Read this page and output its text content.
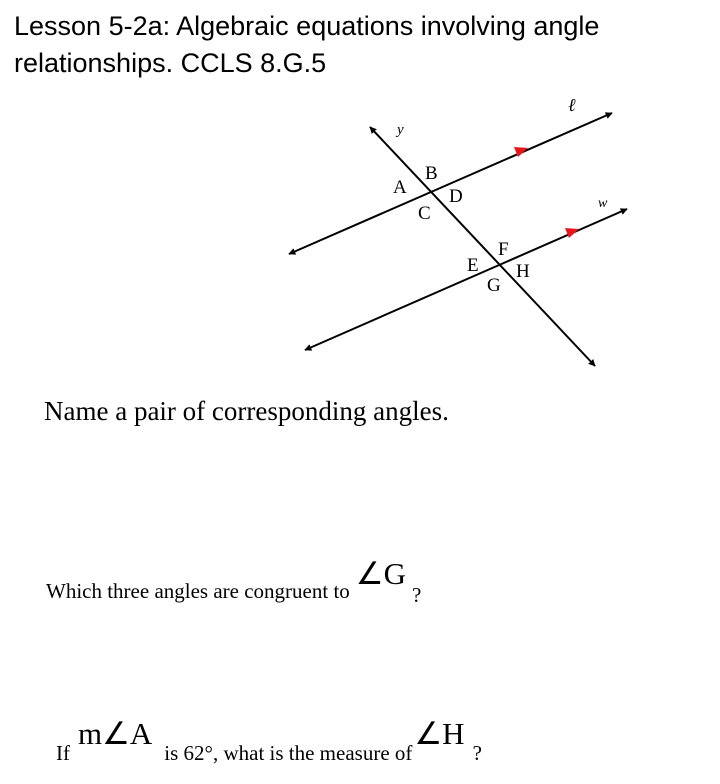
Lesson 5-2a: Algebraic equations involving angle
relationships. CCLS 8.G.5
ℓ
w
y
A
B
C
D
E
F
G
H
Name a pair of corresponding angles.
Which three angles are congruent to ∠G?
Ifm∠Ais 62°, what is the measure of∠H?
